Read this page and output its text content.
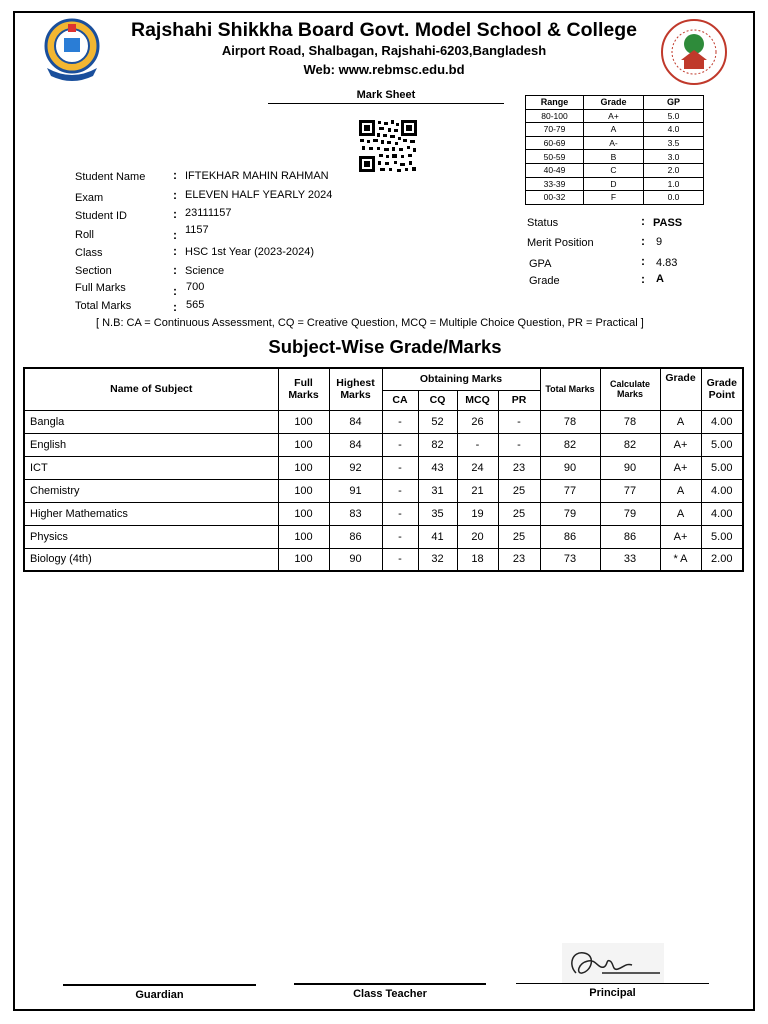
Rajshahi Shikkha Board Govt. Model School & College
Airport Road, Shalbagan, Rajshahi-6203,Bangladesh
Web: www.rebmsc.edu.bd
Mark Sheet
Range	Grade	GP
80-100	A+	5.0
70-79	A	4.0
60-69	A-	3.5
50-59	B	3.0
40-49	C	2.0
33-39	D	1.0
00-32	F	0.0
Student Name : IFTEKHAR MAHIN RAHMAN
Exam	: ELEVEN HALF YEARLY 2024
Student ID	: 23111157
Roll	: 1157
Class	: HSC 1st Year (2023-2024)
Section	: Science
Full Marks	: 700
Total Marks	: 565
Status	: PASS
Merit Position	: 9
GPA	: 4.83
Grade	: A
[ N.B: CA = Continuous Assessment, CQ = Creative Question, MCQ = Multiple Choice Question, PR = Practical ]
Subject-Wise Grade/Marks
Name of Subject	Full Marks	Highest Marks	Obtaining Marks				Total Marks	Calculate Marks	Grade	Grade Point
			CA	CQ	MCQ	PR				
Bangla	100	84	-	52	26	-	78	78	A	4.00
English	100	84	-	82	-	-	82	82	A+	5.00
ICT	100	92	-	43	24	23	90	90	A+	5.00
Chemistry	100	91	-	31	21	25	77	77	A	4.00
Higher Mathematics	100	83	-	35	19	25	79	79	A	4.00
Physics	100	86	-	41	20	25	86	86	A+	5.00
Biology (4th)	100	90	-	32	18	23	73	33	* A	2.00
Guardian	Class Teacher	Principal
